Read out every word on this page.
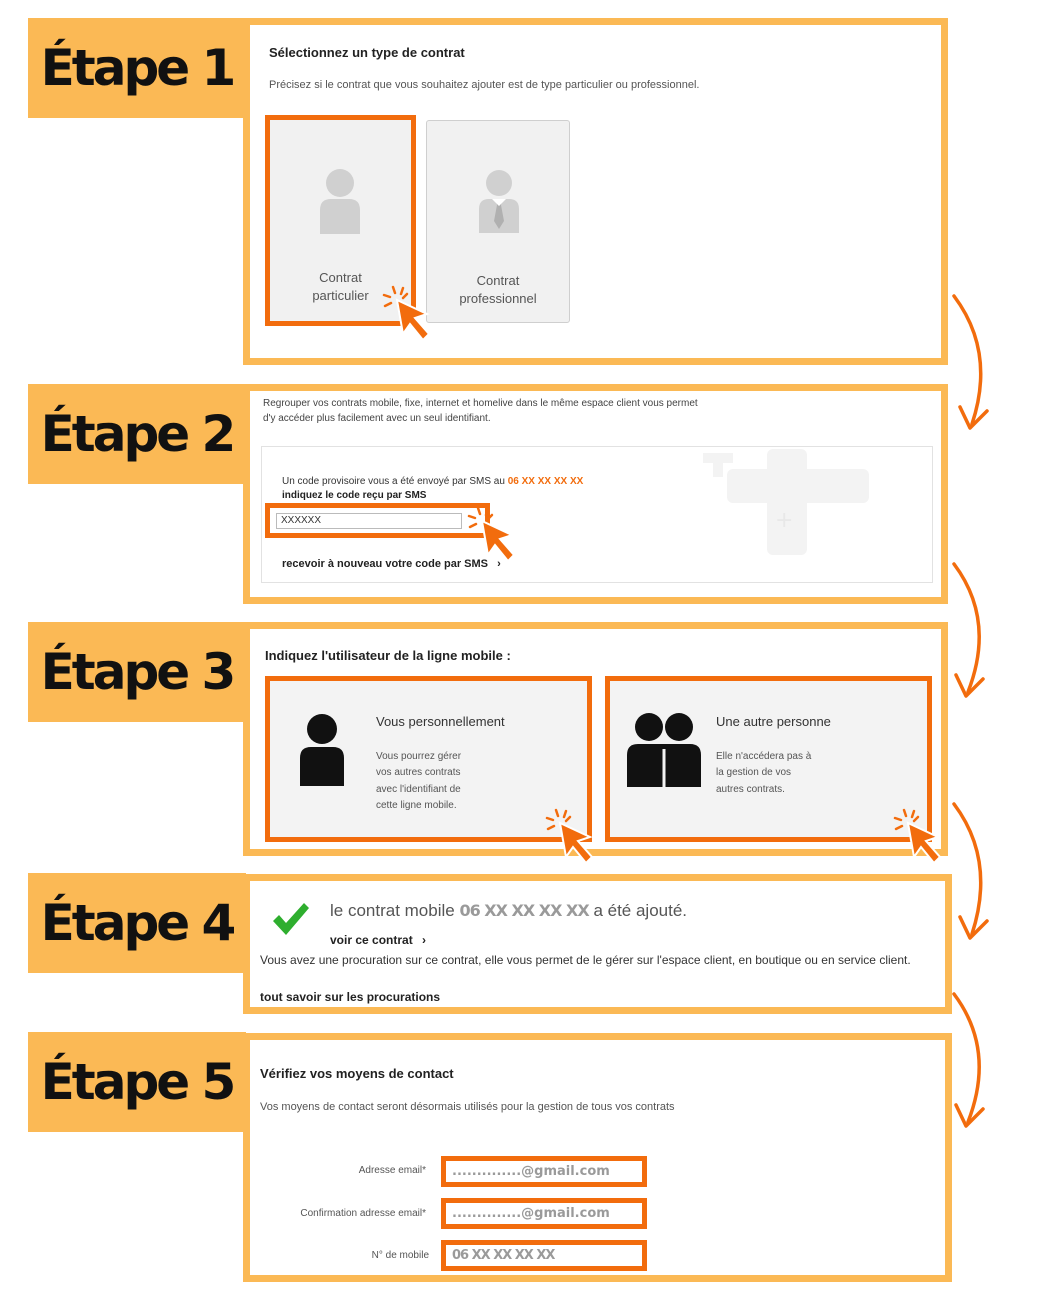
Étape 1
Étape 2
Étape 3
Étape 4
Étape 5
Sélectionnez un type de contrat
Précisez si le contrat que vous souhaitez ajouter est de type particulier ou professionnel.
Contrat
particulier
Contrat
professionnel
Regrouper vos contrats mobile, fixe, internet et homelive dans le même espace client vous permet
d'y accéder plus facilement avec un seul identifiant.
+
Un code provisoire vous a été envoyé par SMS au 06 XX XX XX XX
indiquez le code reçu par SMS
recevoir à nouveau votre code par SMS ›
XXXXXX
Indiquez l'utilisateur de la ligne mobile :
Vous personnellement
Vous pourrez gérer
vos autres contrats
avec l'identifiant de
cette ligne mobile.
Une autre personne
Elle n'accédera pas à
la gestion de vos
autres contrats.
le contrat mobile 06 XX XX XX XX a été ajouté.
voir ce contrat ›
Vous avez une procuration sur ce contrat, elle vous permet de le gérer sur l'espace client, en boutique ou en service client.
tout savoir sur les procurations
Vérifiez vos moyens de contact
Vos moyens de contact seront désormais utilisés pour la gestion de tous vos contrats
Adresse email* ..............@gmail.com
Confirmation adresse email* ..............@gmail.com
N° de mobile 06 XX XX XX XX
